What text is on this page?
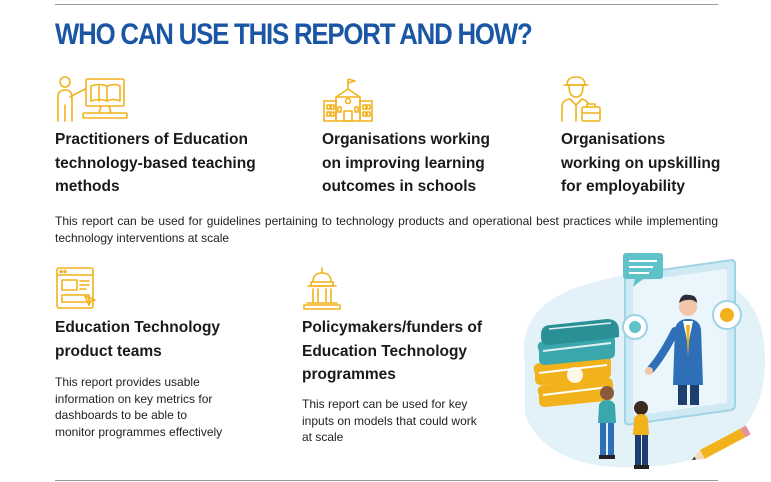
WHO CAN USE THIS REPORT AND HOW?
Practitioners of Education
technology-based teaching
methods
Organisations working
on improving learning
outcomes in schools
Organisations
working on upskilling
for employability

This report can be used for guidelines pertaining to technology products and operational best practices while implementing technology interventions at scale

Education Technology
product teams
Policymakers/funders of
Education Technology
programmes

This report provides usable
information on key metrics for
dashboards to be able to
monitor programmes effectively

This report can be used for key
inputs on models that could work
at scale
